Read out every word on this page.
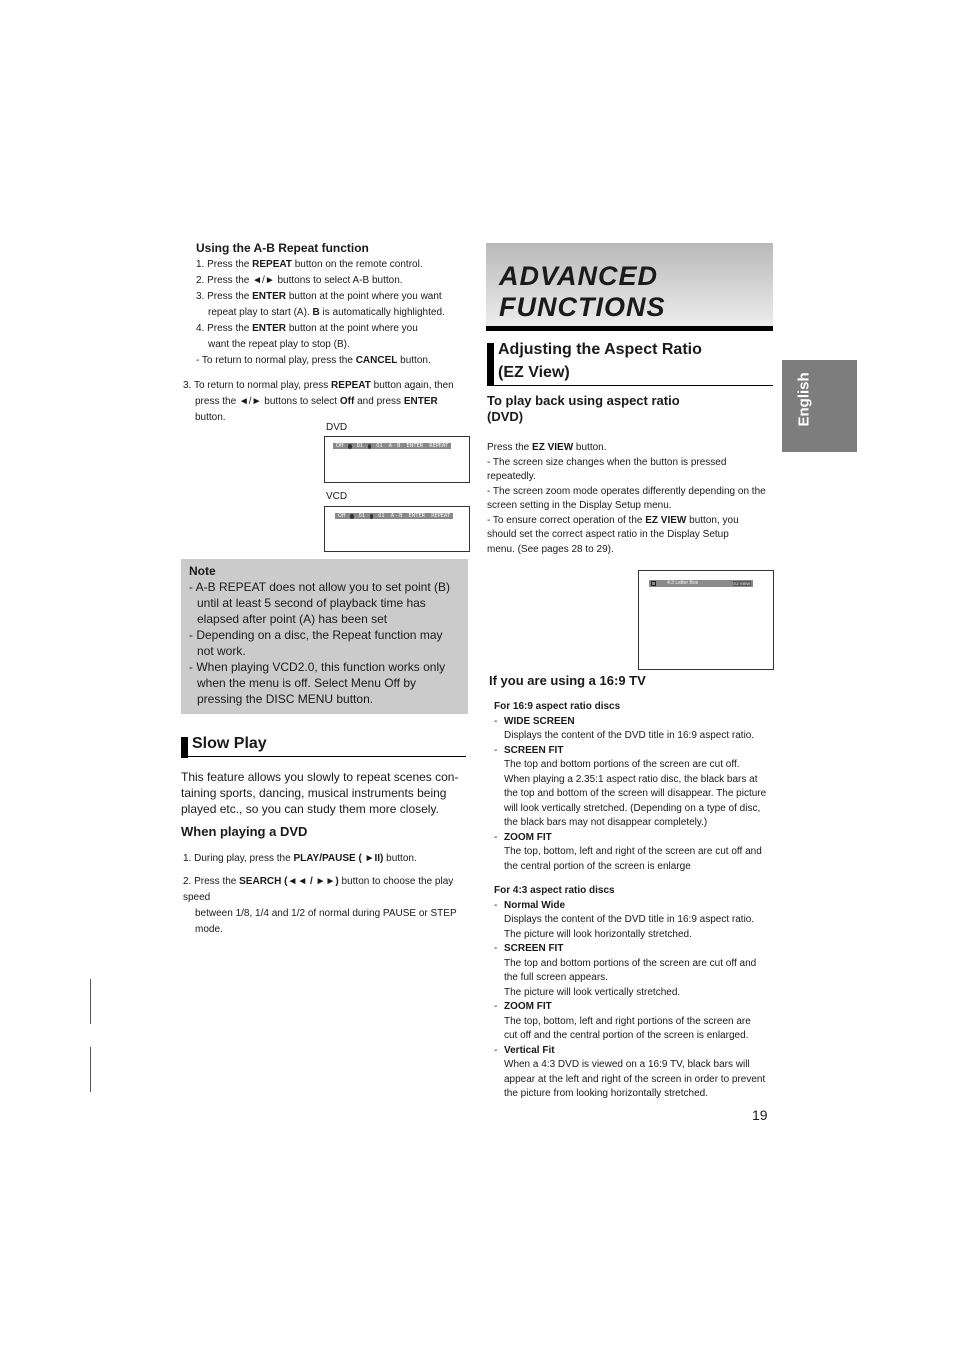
Using the A-B Repeat function
1. Press the REPEAT button on the remote control.
2. Press the ◄/► buttons to select A-B button.
3. Press the ENTER button at the point where you want
repeat play to start (A). B is automatically highlighted.
4. Press the ENTER button at the point where you
want the repeat play to stop (B).
- To return to normal play, press the CANCEL button.
3. To return to normal play, press REPEAT button again, then
press the ◄/► buttons to select Off and press ENTER
button.
DVD
Off	01	01 A - B ENTER REPEAT
VCD
Off	01	01 A - B ENTER REPEAT
Note
- A-B REPEAT does not allow you to set point (B)
until at least 5 second of playback time has
elapsed after point (A) has been set
- Depending on a disc, the Repeat function may
not work.
- When playing VCD2.0, this function works only
when the menu is off. Select Menu Off by
pressing the DISC MENU button.
Slow Play
This feature allows you slowly to repeat scenes con-
taining sports, dancing, musical instruments being
played etc., so you can study them more closely.
When playing a DVD
1. During play, press the PLAY/PAUSE ( ►II) button.
2. Press the SEARCH (◄◄ / ►►) button to choose the play speed
between 1/8, 1/4 and 1/2 of normal during PAUSE or STEP
mode.
ADVANCED
FUNCTIONS
Adjusting the Aspect Ratio
(EZ View)
To play back using aspect ratio
(DVD)
Press the EZ VIEW button.
- The screen size changes when the button is pressed
repeatedly.
- The screen zoom mode operates differently depending on the
screen setting in the Display Setup menu.
- To ensure correct operation of the EZ VIEW button, you
should set the correct aspect ratio in the Display Setup
menu. (See pages 28 to 29).
4:3 Letter Box	EZ VIEW
If you are using a 16:9 TV
For 16:9 aspect ratio discs
- WIDE SCREEN
Displays the content of the DVD title in 16:9 aspect ratio.
- SCREEN FIT
The top and bottom portions of the screen are cut off.
When playing a 2.35:1 aspect ratio disc, the black bars at
the top and bottom of the screen will disappear. The picture
will look vertically stretched. (Depending on a type of disc,
the black bars may not disappear completely.)
- ZOOM FIT
The top, bottom, left and right of the screen are cut off and
the central portion of the screen is enlarge
For 4:3 aspect ratio discs
- Normal Wide
Displays the content of the DVD title in 16:9 aspect ratio.
The picture will look horizontally stretched.
- SCREEN FIT
The top and bottom portions of the screen are cut off and
the full screen appears.
The picture will look vertically stretched.
- ZOOM FIT
The top, bottom, left and right portions of the screen are
cut off and the central portion of the screen is enlarged.
- Vertical Fit
When a 4:3 DVD is viewed on a 16:9 TV, black bars will
appear at the left and right of the screen in order to prevent
the picture from looking horizontally stretched.
19
English
